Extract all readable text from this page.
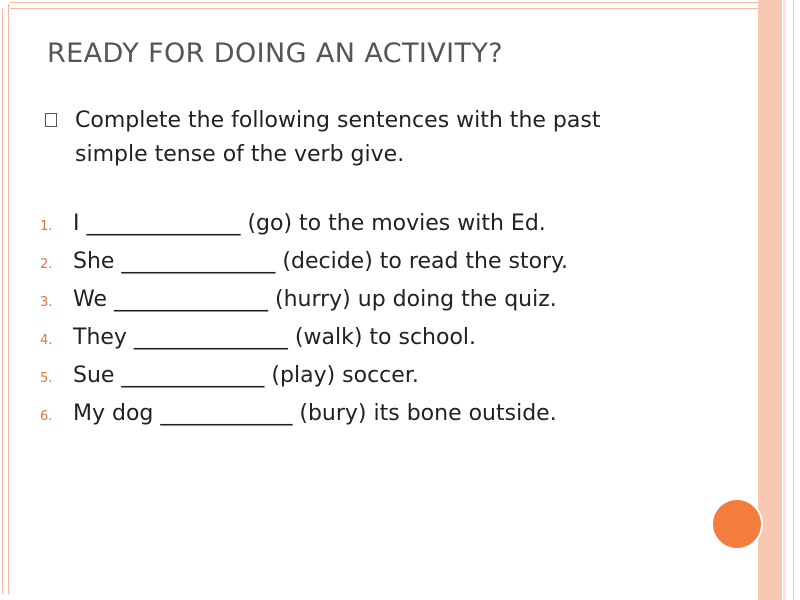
READY FOR DOING AN ACTIVITY?
Complete the following sentences with the past simple tense of the verb give.
1. I ______________ (go) to the movies with Ed.
2. She ______________ (decide) to read the story.
3. We ______________ (hurry) up doing the quiz.
4. They ______________ (walk) to school.
5. Sue _____________ (play) soccer.
6. My dog ____________ (bury) its bone outside.
